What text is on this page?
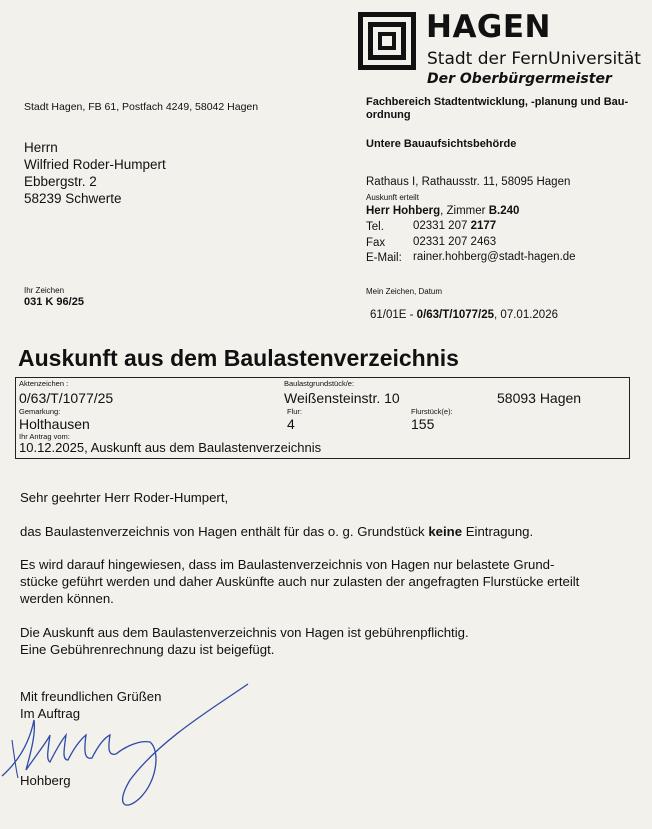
HAGEN
Stadt der FernUniversität
Der Oberbürgermeister
Stadt Hagen, FB 61, Postfach 4249, 58042 Hagen
Herrn
Wilfried Roder-Humpert
Ebbergstr. 2
58239 Schwerte
Fachbereich Stadtentwicklung, -planung und Bau-ordnung
Untere Bauaufsichtsbehörde
Rathaus I, Rathausstr. 11, 58095 Hagen
Auskunft erteilt
Herr Hohberg, Zimmer B.240
Tel.	02331 207 2177
Fax 02331 207 2463
E-Mail: rainer.hohberg@stadt-hagen.de
Ihr Zeichen
031 K 96/25
Mein Zeichen, Datum
61/01E - 0/63/T/1077/25, 07.01.2026
Auskunft aus dem Baulastenverzeichnis
Aktenzeichen :
0/63/T/1077/25
Baulastgrundstück/e:
Weißensteinstr. 10	58093 Hagen
Gemarkung:
Holthausen
Flur:
4
Flurstück(e):
155
Ihr Antrag vom:
10.12.2025, Auskunft aus dem Baulastenverzeichnis
Sehr geehrter Herr Roder-Humpert,
das Baulastenverzeichnis von Hagen enthält für das o. g. Grundstück keine Eintragung.
Es wird darauf hingewiesen, dass im Baulastenverzeichnis von Hagen nur belastete Grund-
stücke geführt werden und daher Auskünfte auch nur zulasten der angefragten Flurstücke erteilt
werden können.
Die Auskunft aus dem Baulastenverzeichnis von Hagen ist gebührenpflichtig.
Eine Gebührenrechnung dazu ist beigefügt.
Mit freundlichen Grüßen
Im Auftrag
Hohberg
